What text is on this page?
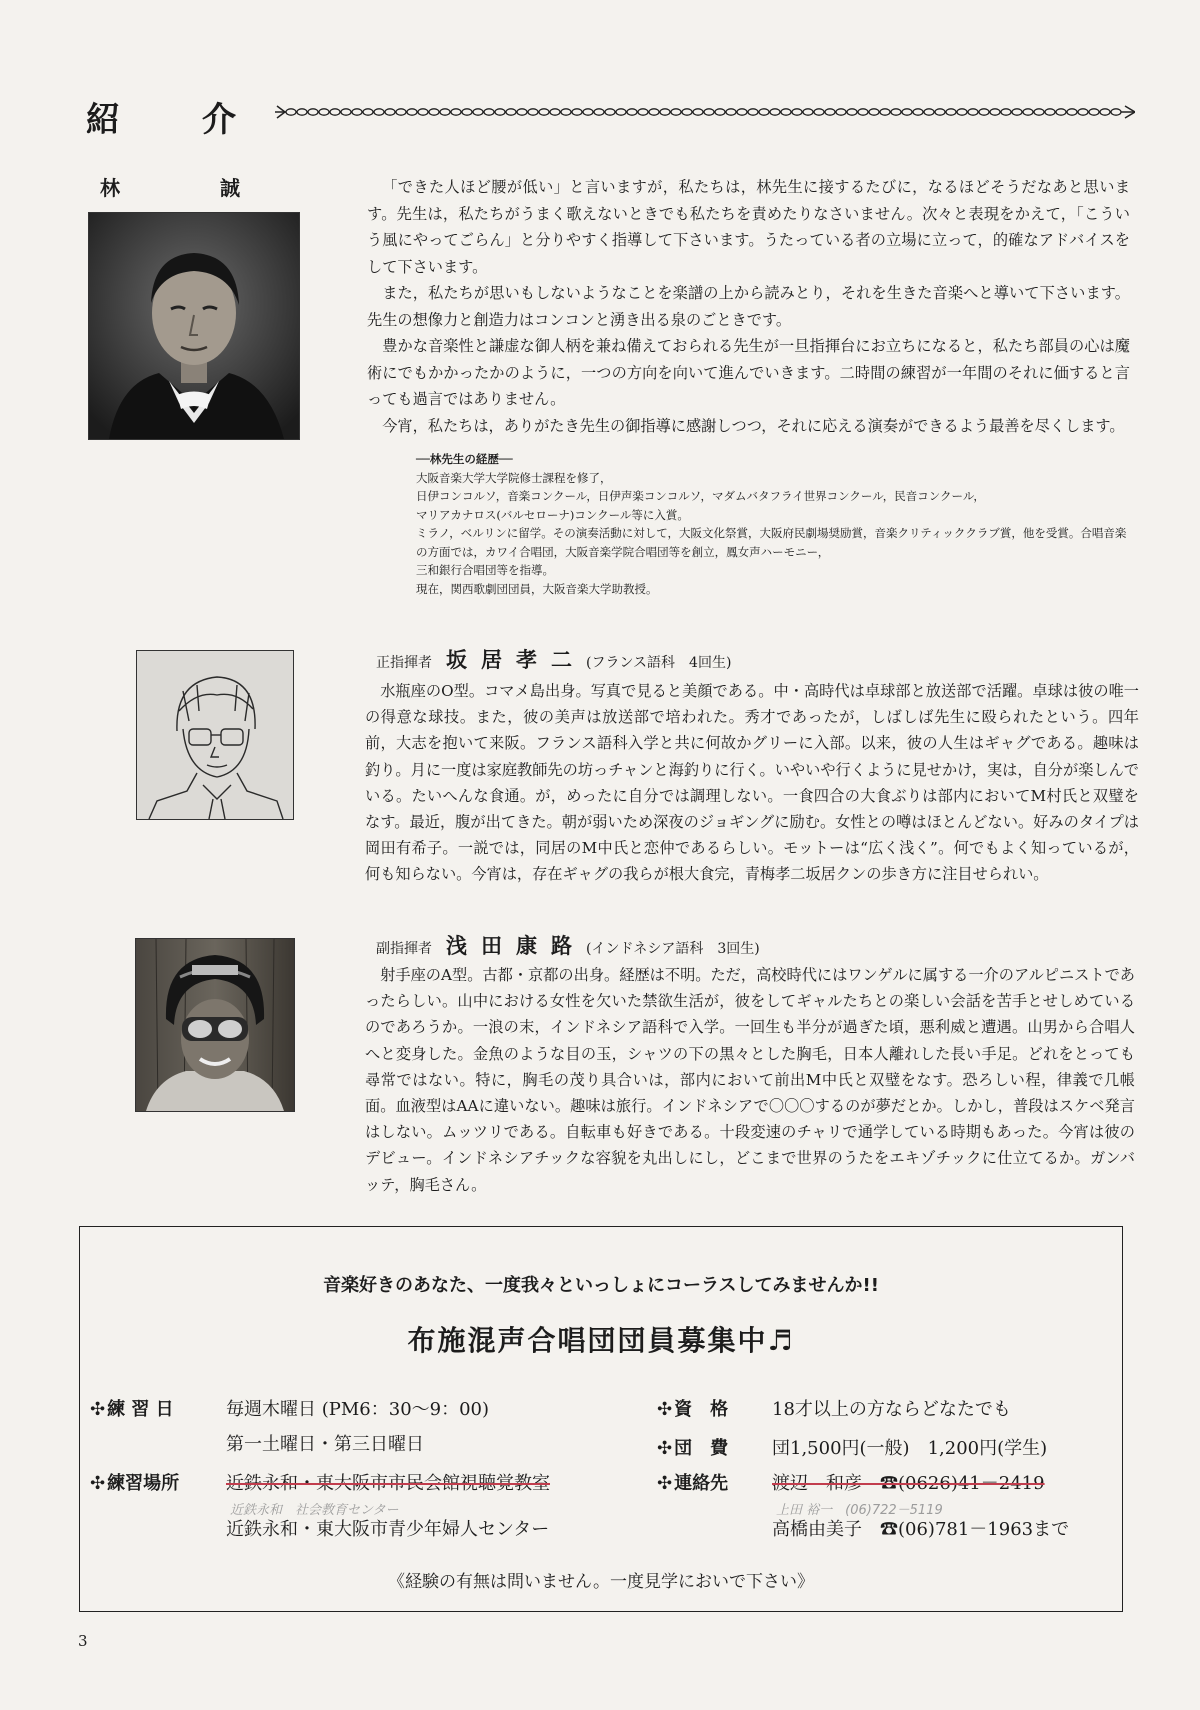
紹 介
林	誠	「できた人ほど腰が低い」と言いますが，私たちは，林先生に接するたびに，なるほどそうだなあと思います。先生は，私たちがうまく歌えないときでも私たちを責めたりなさいません。次々と表現をかえて，「こういう風にやってごらん」と分りやすく指導して下さいます。うたっている者の立場に立って，的確なアドバイスをして下さいます。

また，私たちが思いもしないようなことを楽譜の上から読みとり，それを生きた音楽へと導いて下さいます。先生の想像力と創造力はコンコンと湧き出る泉のごときです。

豊かな音楽性と謙虚な御人柄を兼ね備えておられる先生が一旦指揮台にお立ちになると，私たち部員の心は魔術にでもかかったかのように，一つの方向を向いて進んでいきます。二時間の練習が一年間のそれに価すると言っても過言ではありません。

今宵，私たちは，ありがたき先生の御指導に感謝しつつ，それに応える演奏ができるよう最善を尽くします。

──林先生の経歴──
大阪音楽大学大学院修士課程を修了，
日伊コンコルソ，音楽コンクール，日伊声楽コンコルソ，マダムバタフライ世界コンクール，民音コンクール，
マリアカナロス(バルセローナ)コンクール等に入賞。
ミラノ，ベルリンに留学。その演奏活動に対して，大阪文化祭賞，大阪府民劇場奨励賞，音楽クリティッククラブ賞，他を受賞。合唱音楽の方面では，カワイ合唱団，大阪音楽学院合唱団等を創立，鳳女声ハーモニー，
三和銀行合唱団等を指導。
現在，関西歌劇団団員，大阪音楽大学助教授。
正指揮者 坂居孝二 (フランス語科　4回生)

水瓶座のO型。コマメ島出身。写真で見ると美顔である。中・高時代は卓球部と放送部で活躍。卓球は彼の唯一の得意な球技。また，彼の美声は放送部で培われた。秀才であったが，しばしば先生に殴られたという。四年前，大志を抱いて来阪。フランス語科入学と共に何故かグリーに入部。以来，彼の人生はギャグである。趣味は釣り。月に一度は家庭教師先の坊っチャンと海釣りに行く。いやいや行くように見せかけ，実は，自分が楽しんでいる。たいへんな食通。が，めったに自分では調理しない。一食四合の大食ぶりは部内においてM村氏と双璧をなす。最近，腹が出てきた。朝が弱いため深夜のジョギングに励む。女性との噂はほとんどない。好みのタイプは岡田有希子。一説では，同居のM中氏と恋仲であるらしい。モットーは“広く浅く”。何でもよく知っているが，何も知らない。今宵は，存在ギャグの我らが根大食完，青梅孝二坂居クンの歩き方に注目せられい。

副指揮者 浅田康路 (インドネシア語科　3回生)

射手座のA型。古都・京都の出身。経歴は不明。ただ，高校時代にはワンゲルに属する一介のアルピニストであったらしい。山中における女性を欠いた禁欲生活が，彼をしてギャルたちとの楽しい会話を苦手とせしめているのであろうか。一浪の末，インドネシア語科で入学。一回生も半分が過ぎた頃，悪利威と遭遇。山男から合唱人へと変身した。金魚のような目の玉，シャツの下の黒々とした胸毛，日本人離れした長い手足。どれをとっても尋常ではない。特に，胸毛の茂り具合いは，部内において前出M中氏と双璧をなす。恐ろしい程，律義で几帳面。血液型はAAに違いない。趣味は旅行。インドネシアで〇〇〇するのが夢だとか。しかし，普段はスケベ発言はしない。ムッツリである。自転車も好きである。十段変速のチャリで通学している時期もあった。今宵は彼のデビュー。インドネシアチックな容貌を丸出しにし，どこまで世界のうたをエキゾチックに仕立てるか。ガンバッテ，胸毛さん。

音楽好きのあなた、一度我々といっしょにコーラスしてみませんか!!
布施混声合唱団団員募集中♬
✣ 練 習 日	毎週木曜日 (PM6：30～9：00)
第一土曜日・第三日曜日
✣ 練習場所	近鉄永和・東大阪市市民会館視聴覚教室
近鉄永和　社会教育センター
近鉄永和・東大阪市青少年婦人センター
✣ 資　格 18才以上の方ならどなたでも
✣ 団　費 団1,500円(一般)　1,200円(学生)
✣ 連絡先 渡辺　和彦　☎(0626)41－2419
上田 裕一　(06)722－5119
高橋由美子　☎(06)781－1963まで
《経験の有無は問いません。一度見学においで下さい》
3
